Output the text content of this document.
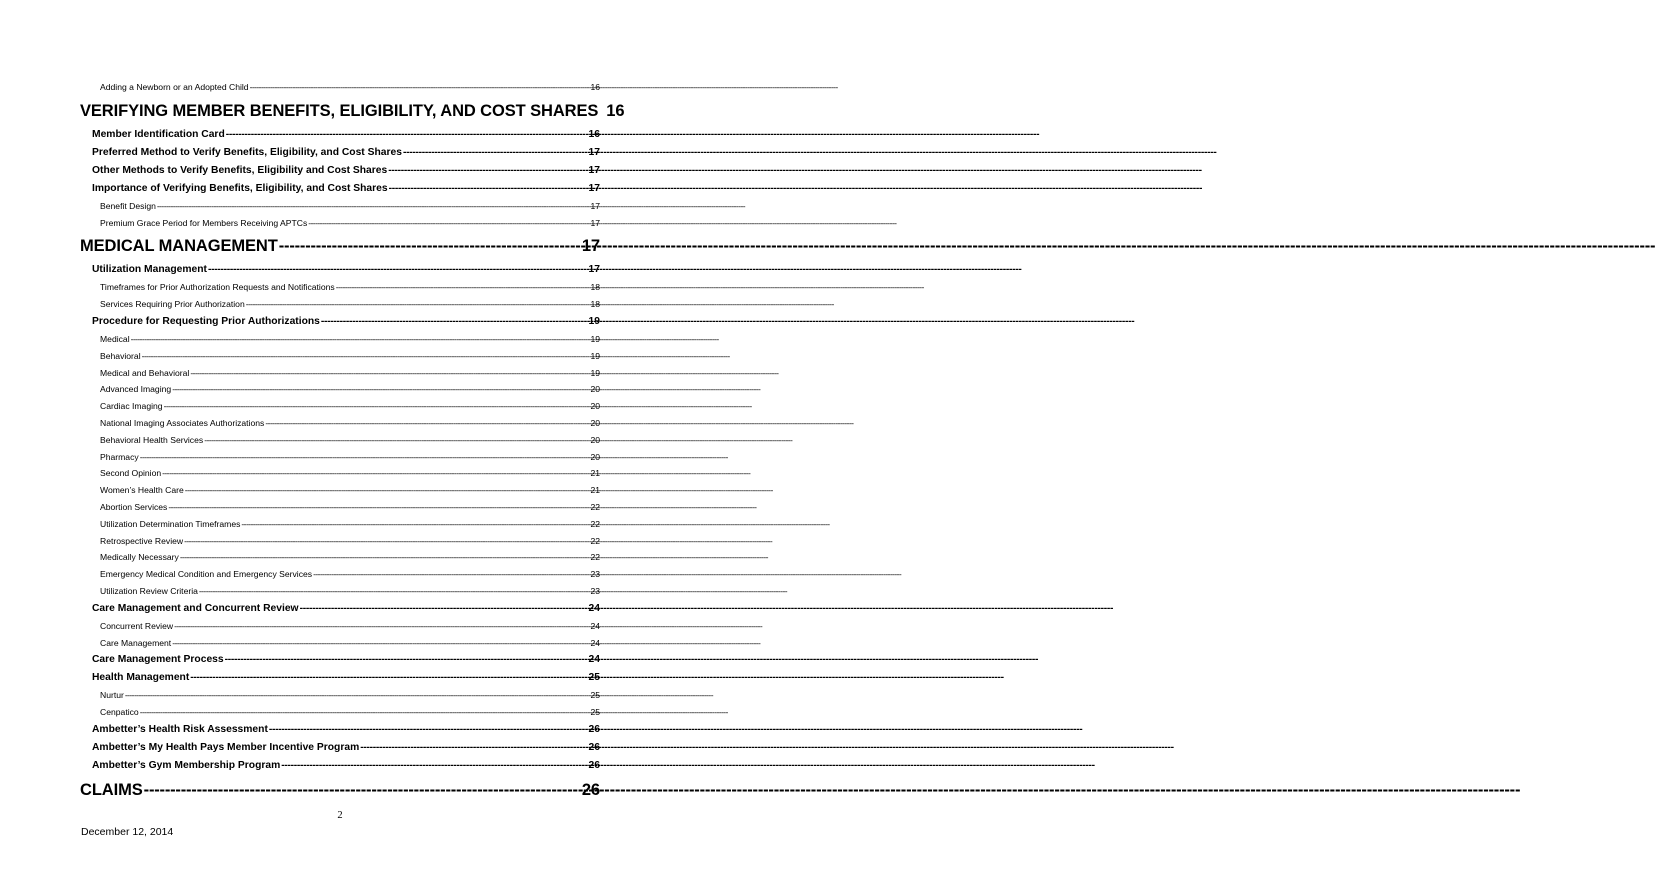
Adding a Newborn or an Adopted Child -----	16
VERIFYING MEMBER BENEFITS, ELIGIBILITY, AND COST SHARES 16
Member Identification Card -----	16
Preferred Method to Verify Benefits, Eligibility, and Cost Shares -----	17
Other Methods to Verify Benefits, Eligibility and Cost Shares -----	17
Importance of Verifying Benefits, Eligibility, and Cost Shares -----	17
Benefit Design -----	17
Premium Grace Period for Members Receiving APTCs -----	17
MEDICAL MANAGEMENT -----	17
Utilization Management -----	17
Timeframes for Prior Authorization Requests and Notifications -----	18
Services Requiring Prior Authorization -----	18
Procedure for Requesting Prior Authorizations -----	19
Medical -----	19
Behavioral -----	19
Medical and Behavioral -----	19
Advanced Imaging -----	20
Cardiac Imaging -----	20
National Imaging Associates Authorizations -----	20
Behavioral Health Services -----	20
Pharmacy -----	20
Second Opinion -----	21
Women’s Health Care -----	21
Abortion Services -----	22
Utilization Determination Timeframes -----	22
Retrospective Review -----	22
Medically Necessary -----	22
Emergency Medical Condition and Emergency Services -----	23
Utilization Review Criteria -----	23
Care Management and Concurrent Review -----	24
Concurrent Review -----	24
Care Management -----	24
Care Management Process -----	24
Health Management -----	25
Nurtur -----	25
Cenpatico -----	25
Ambetter’s Health Risk Assessment -----	26
Ambetter’s My Health Pays Member Incentive Program -----	26
Ambetter’s Gym Membership Program -----	26
CLAIMS -----	26
2
December 12, 2014
